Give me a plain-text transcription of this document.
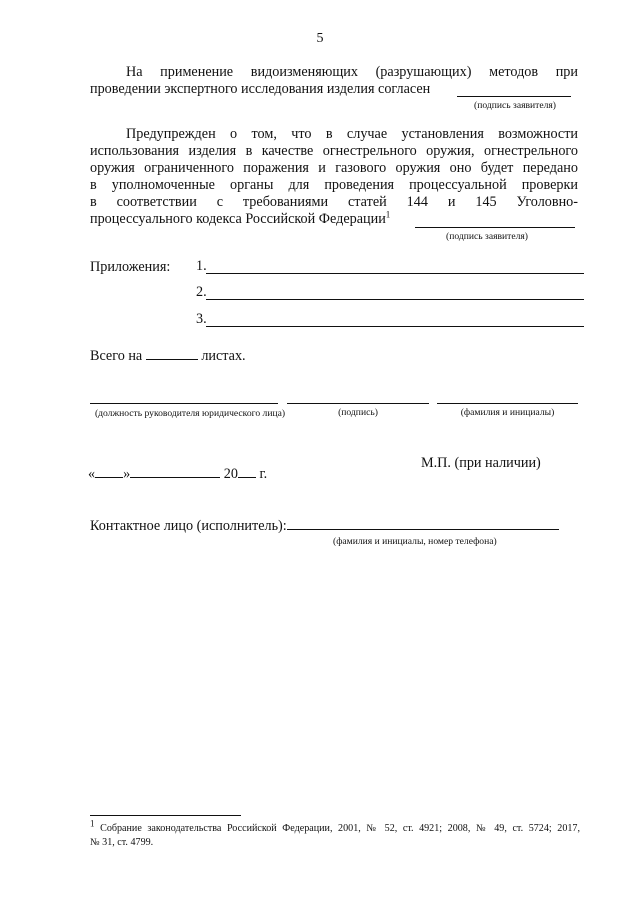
5

На применение видоизменяющих (разрушающих) методов при

проведении экспертного исследования изделия согласен

(подпись заявителя)

Предупрежден о том, что в случае установления возможности

использования изделия в качестве огнестрельного оружия, огнестрельного

оружия ограниченного поражения и газового оружия оно будет передано

в уполномоченные органы для проведения процессуальной проверки

в соответствии с требованиями статей 144 и 145 Уголовно-

процессуального кодекса Российской Федерации$^1$

(подпись заявителя)
Приложения: 1.
2.
3.
Всего на	листах.
(должность руководителя юридического лица)	(подпись)	(фамилия и инициалы)
М.П. (при наличии)
« »	20 г.
Контактное лицо (исполнитель):
(фамилия и инициалы, номер телефона)
$^1$ Собрание законодательства Российской Федерации, 2001, № 52, ст. 4921; 2008, № 49, ст. 5724; 2017,
№ 31, ст. 4799.
